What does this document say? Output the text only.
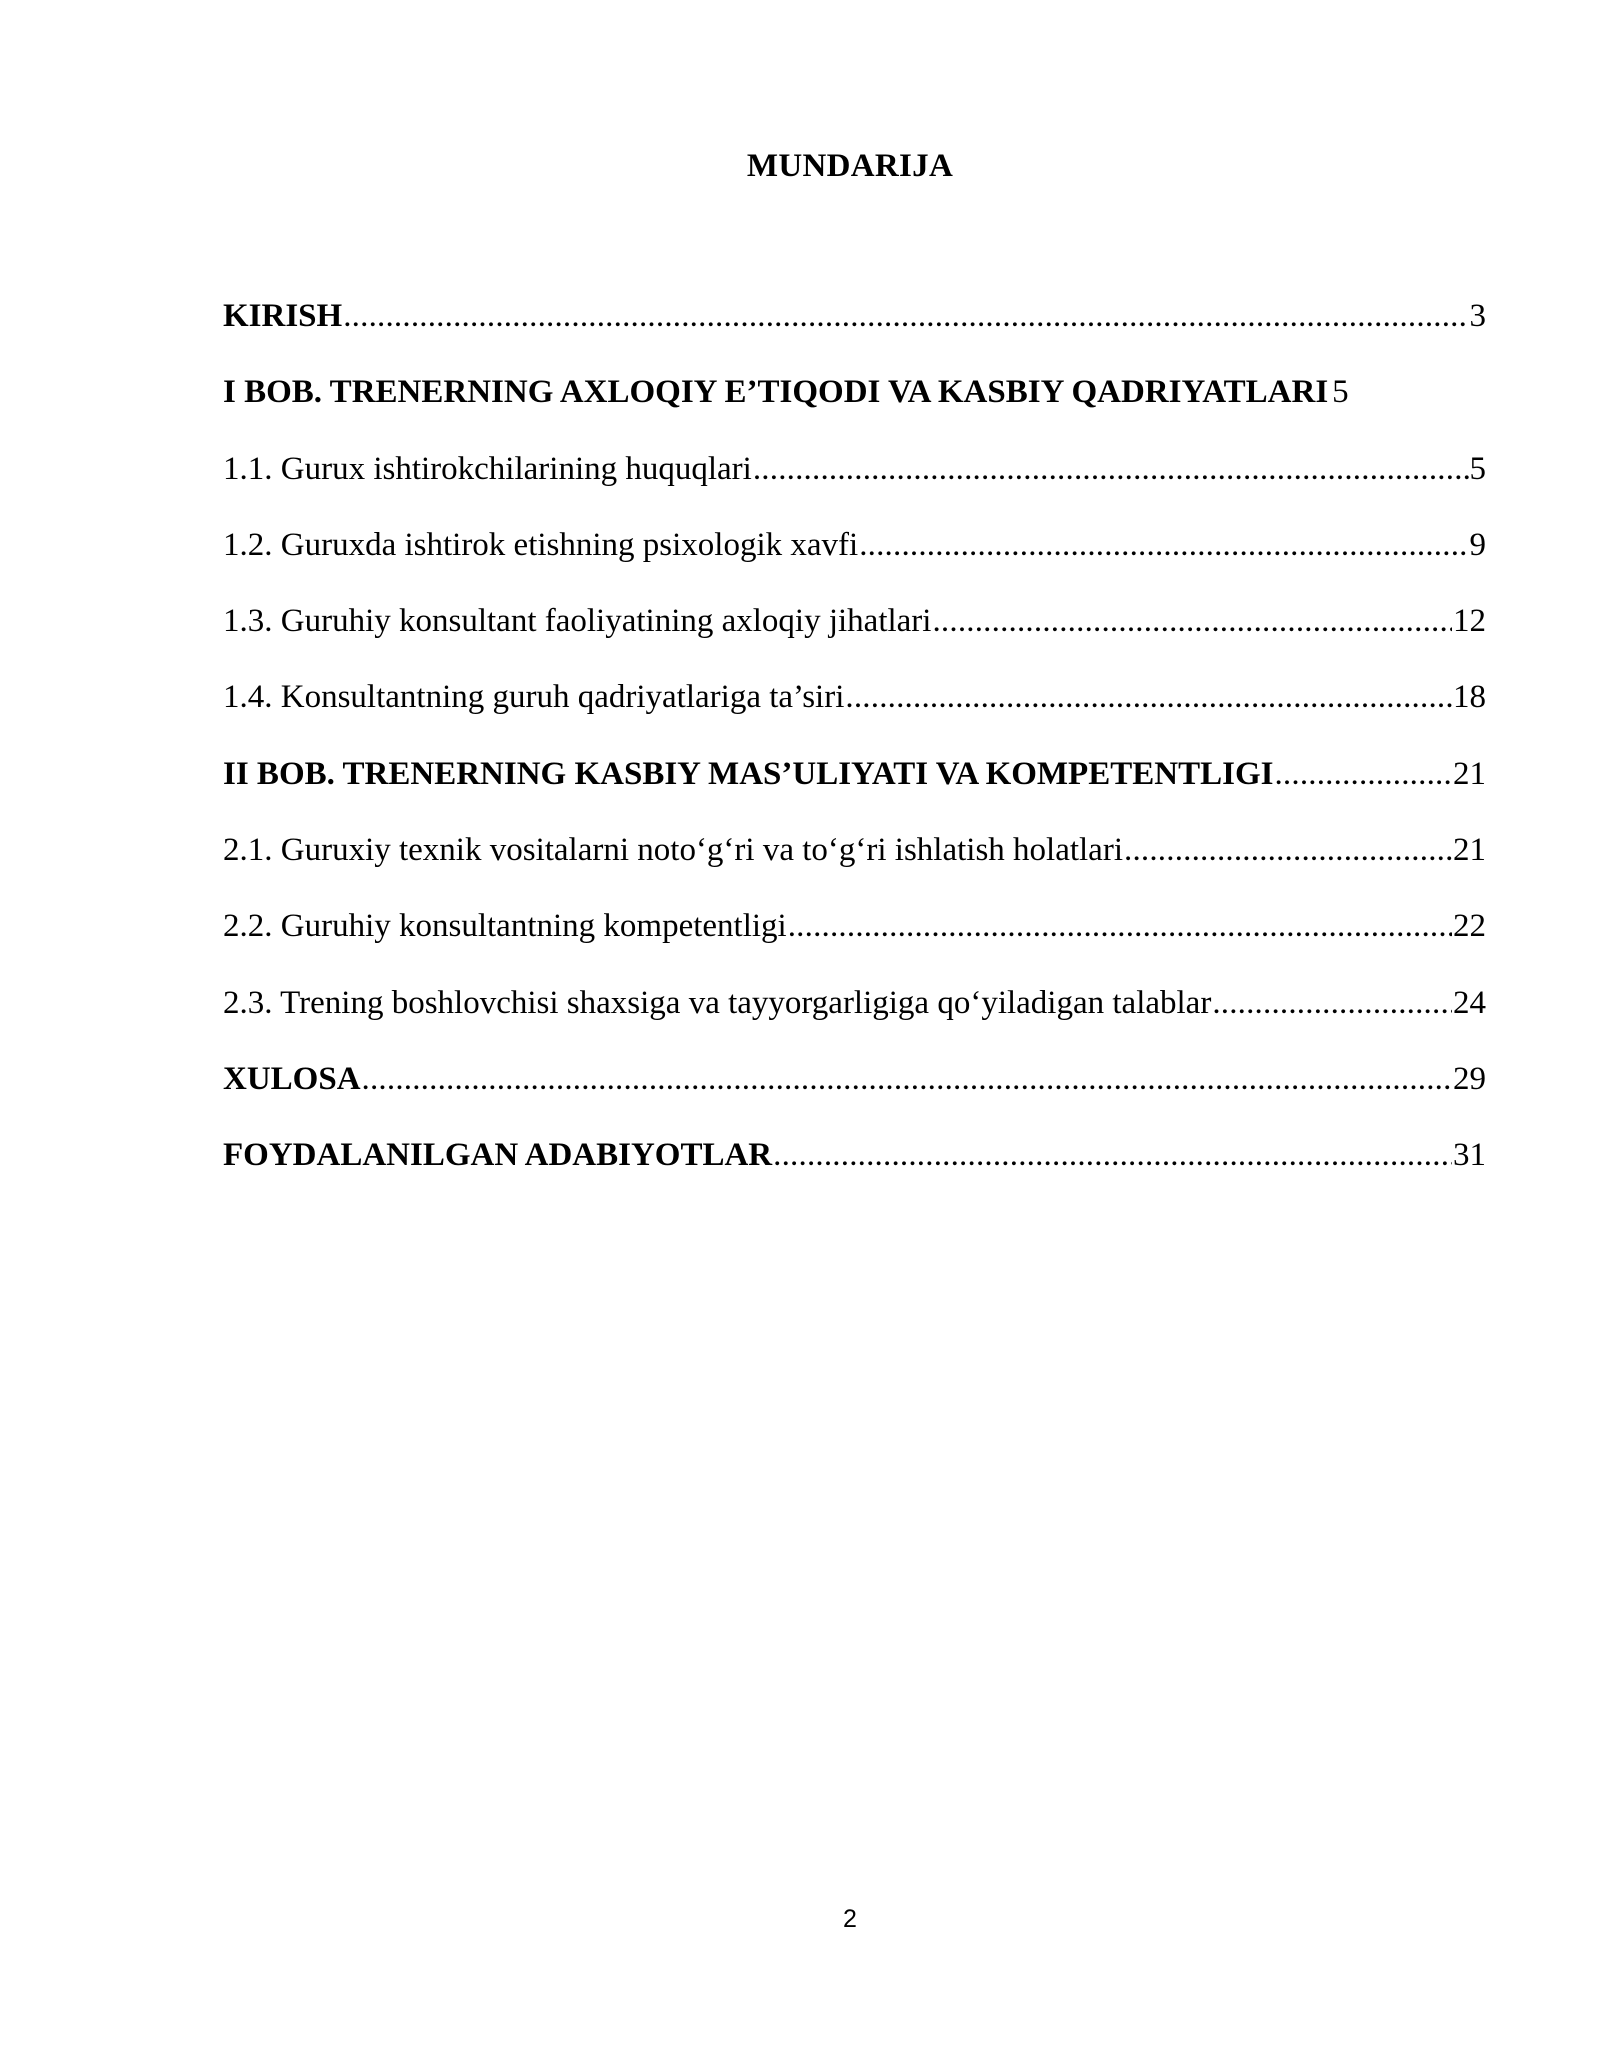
MUNDARIJA
KIRISH .....	3
I BOB. TRENERNING AXLOQIY E’TIQODI VA KASBIY QADRIYATLARI ..... 5
1.1. Gurux ishtirokchilarining huquqlari .....	5
1.2. Guruxda ishtirok etishning psixologik xavfi .....	9
1.3. Guruhiy konsultant faoliyatining axloqiy jihatlari .....	12
1.4. Konsultantning guruh qadriyatlariga ta’siri .....	18
II BOB. TRENERNING KASBIY MAS’ULIYATI VA KOMPETENTLIGI .....	21
2.1. Guruxiy texnik vositalarni noto‘g‘ri va to‘g‘ri ishlatish holatlari .....	21
2.2. Guruhiy konsultantning kompetentligi .....	22
2.3. Trening boshlovchisi shaxsiga va tayyorgarligiga qo‘yiladigan talablar .....	24
XULOSA .....	29
FOYDALANILGAN ADABIYOTLAR .....	31
2
